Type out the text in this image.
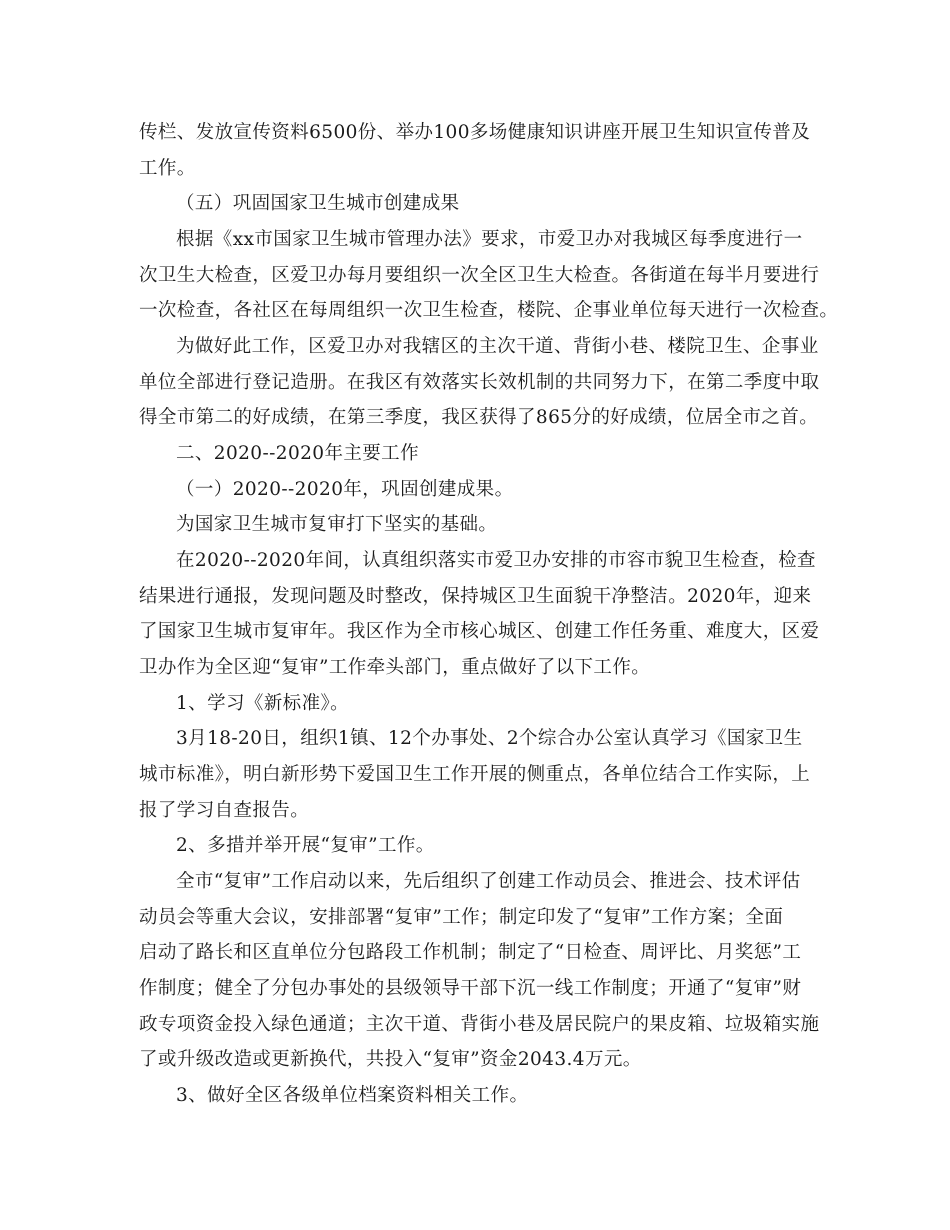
传栏、发放宣传资料6500份、举办100多场健康知识讲座开展卫生知识宣传普及
工作。
（五）巩固国家卫生城市创建成果
根据《xx市国家卫生城市管理办法》要求，市爱卫办对我城区每季度进行一
次卫生大检查，区爱卫办每月要组织一次全区卫生大检查。各街道在每半月要进行
一次检查，各社区在每周组织一次卫生检查，楼院、企事业单位每天进行一次检查。
为做好此工作，区爱卫办对我辖区的主次干道、背街小巷、楼院卫生、企事业
单位全部进行登记造册。在我区有效落实长效机制的共同努力下，在第二季度中取
得全市第二的好成绩，在第三季度，我区获得了865分的好成绩，位居全市之首。
二、2020--2020年主要工作
（一）2020--2020年，巩固创建成果。
为国家卫生城市复审打下坚实的基础。
在2020--2020年间，认真组织落实市爱卫办安排的市容市貌卫生检查，检查
结果进行通报，发现问题及时整改，保持城区卫生面貌干净整洁。2020年，迎来
了国家卫生城市复审年。我区作为全市核心城区、创建工作任务重、难度大，区爱
卫办作为全区迎“复审”工作牵头部门，重点做好了以下工作。
1、学习《新标准》。
3月18-20日，组织1镇、12个办事处、2个综合办公室认真学习《国家卫生
城市标准》，明白新形势下爱国卫生工作开展的侧重点，各单位结合工作实际，上
报了学习自查报告。
2、多措并举开展“复审”工作。
全市“复审”工作启动以来，先后组织了创建工作动员会、推进会、技术评估
动员会等重大会议，安排部署“复审”工作；制定印发了“复审”工作方案；全面
启动了路长和区直单位分包路段工作机制；制定了“日检查、周评比、月奖惩”工
作制度；健全了分包办事处的县级领导干部下沉一线工作制度；开通了“复审”财
政专项资金投入绿色通道；主次干道、背街小巷及居民院户的果皮箱、垃圾箱实施
了或升级改造或更新换代，共投入“复审”资金2043.4万元。
3、做好全区各级单位档案资料相关工作。
